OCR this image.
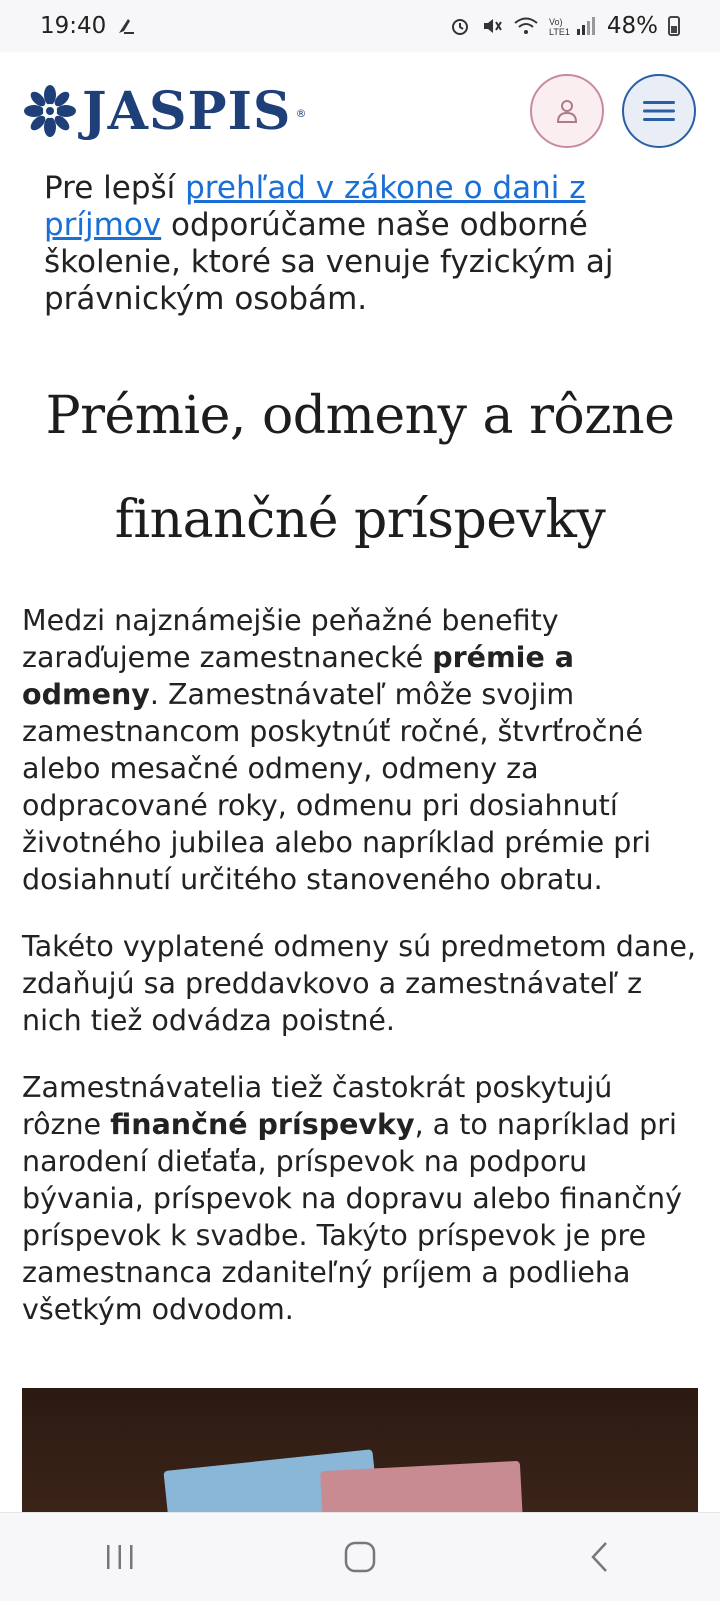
19:40	Vo)
LTE1 48%
JASPIS ®

Pre lepší prehľad v zákone o dani z príjmov odporúčame naše odborné školenie, ktoré sa venuje fyzickým aj právnickým osobám.

Prémie, odmeny a rôzne finančné príspevky

Medzi najznámejšie peňažné benefity zaraďujeme zamestnanecké prémie a odmeny. Zamestnávateľ môže svojim zamestnancom poskytnúť ročné, štvrťročné alebo mesačné odmeny, odmeny za odpracované roky, odmenu pri dosiahnutí životného jubilea alebo napríklad prémie pri dosiahnutí určitého stanoveného obratu.

Takéto vyplatené odmeny sú predmetom dane, zdaňujú sa preddavkovo a zamestnávateľ z nich tiež odvádza poistné.

Zamestnávatelia tiež častokrát poskytujú rôzne finančné príspevky, a to napríklad pri narodení dieťaťa, príspevok na podporu bývania, príspevok na dopravu alebo finančný príspevok k svadbe. Takýto príspevok je pre zamestnanca zdaniteľný príjem a podlieha všetkým odvodom.
